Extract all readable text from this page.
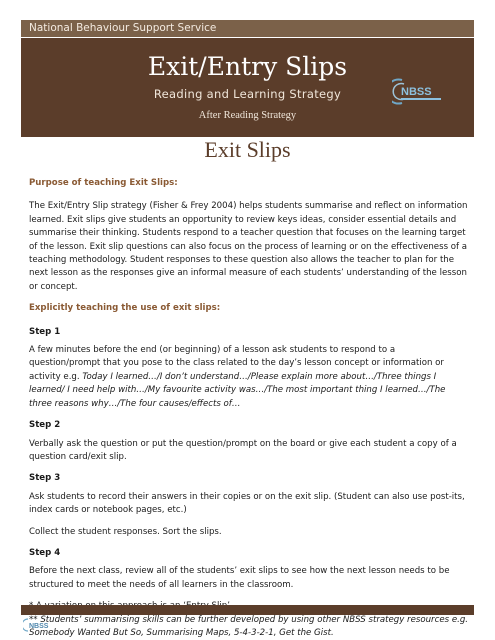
National Behaviour Support Service
Exit/Entry Slips
Reading and Learning Strategy
After Reading Strategy
NBSS
Exit Slips

Purpose of teaching Exit Slips:

The Exit/Entry Slip strategy (Fisher & Frey 2004) helps students summarise and reflect on information learned. Exit slips give students an opportunity to review keys ideas, consider essential details and summarise their thinking. Students respond to a teacher question that focuses on the learning target of the lesson. Exit slip questions can also focus on the process of learning or on the effectiveness of a teaching methodology. Student responses to these question also allows the teacher to plan for the next lesson as the responses give an informal measure of each students’ understanding of the lesson or concept.

Explicitly teaching the use of exit slips:

Step 1

A few minutes before the end (or beginning) of a lesson ask students to respond to a question/prompt that you pose to the class related to the day’s lesson concept or information or activity e.g. Today I learned…/I don’t understand…/Please explain more about…/Three things I learned/ I need help with…/My favourite activity was…/The most important thing I learned…/The three reasons why…/The four causes/effects of…

Step 2

Verbally ask the question or put the question/prompt on the board or give each student a copy of a question card/exit slip.

Step 3

Ask students to record their answers in their copies or on the exit slip. (Student can also use post-its, index cards or notebook pages, etc.)

Collect the student responses. Sort the slips.

Step 4

Before the next class, review all of the students’ exit slips to see how the next lesson needs to be structured to meet the needs of all learners in the classroom.

** Students’ summarising skills can be further developed by using other NBSS strategy resources e.g. Somebody Wanted But So, Summarising Maps, 5-4-3-2-1, Get the Gist.

NBSS
